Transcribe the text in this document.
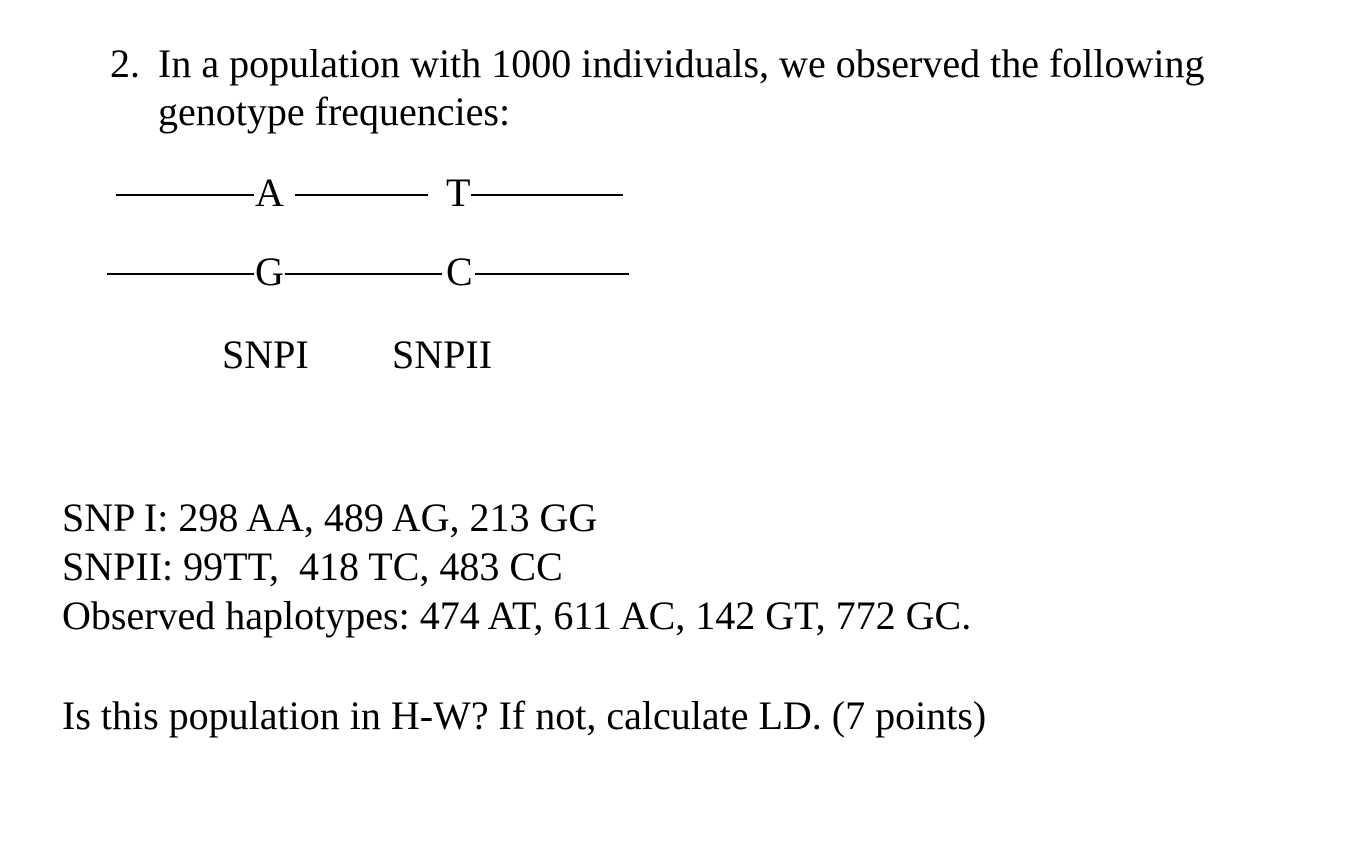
2. In a population with 1000 individuals, we observed the following
genotype frequencies:
A	T
G	C
SNPI SNPII
SNP I: 298 AA, 489 AG, 213 GG
SNPII: 99TT,  418 TC, 483 CC
Observed haplotypes: 474 AT, 611 AC, 142 GT, 772 GC.
Is this population in H-W? If not, calculate LD. (7 points)
